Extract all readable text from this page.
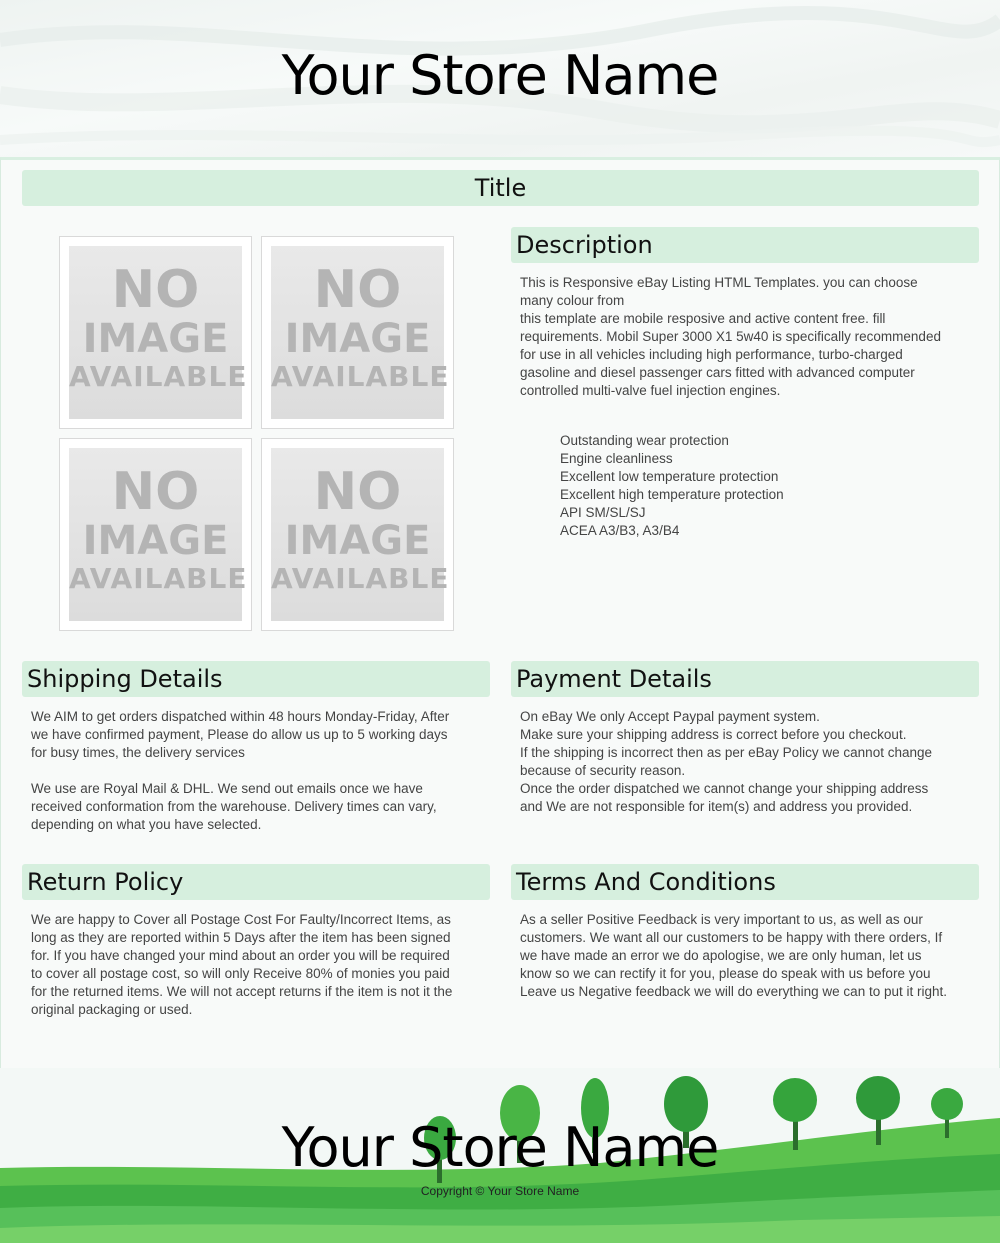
Your Store Name
Title
NO
IMAGE
AVAILABLE
NO
IMAGE
AVAILABLE
NO
IMAGE
AVAILABLE
NO
IMAGE
AVAILABLE
Description
This is Responsive eBay Listing HTML Templates. you can choose
many colour from
this template are mobile resposive and active content free. fill
requirements. Mobil Super 3000 X1 5w40 is specifically recommended
for use in all vehicles including high performance, turbo-charged
gasoline and diesel passenger cars fitted with advanced computer
controlled multi-valve fuel injection engines.
Outstanding wear protection
Engine cleanliness
Excellent low temperature protection
Excellent high temperature protection
API SM/SL/SJ
ACEA A3/B3, A3/B4
Shipping Details
We AIM to get orders dispatched within 48 hours Monday-Friday, After
we have confirmed payment, Please do allow us up to 5 working days
for busy times, the delivery services

We use are Royal Mail & DHL. We send out emails once we have
received conformation from the warehouse. Delivery times can vary,
depending on what you have selected.
Payment Details
On eBay We only Accept Paypal payment system.
Make sure your shipping address is correct before you checkout.
If the shipping is incorrect then as per eBay Policy we cannot change
because of security reason.
Once the order dispatched we cannot change your shipping address
and We are not responsible for item(s) and address you provided.
Return Policy
We are happy to Cover all Postage Cost For Faulty/Incorrect Items, as
long as they are reported within 5 Days after the item has been signed
for. If you have changed your mind about an order you will be required
to cover all postage cost, so will only Receive 80% of monies you paid
for the returned items. We will not accept returns if the item is not it the
original packaging or used.
Terms And Conditions
As a seller Positive Feedback is very important to us, as well as our
customers. We want all our customers to be happy with there orders, If
we have made an error we do apologise, we are only human, let us
know so we can rectify it for you, please do speak with us before you
Leave us Negative feedback we will do everything we can to put it right.
Your Store Name
Copyright © Your Store Name
